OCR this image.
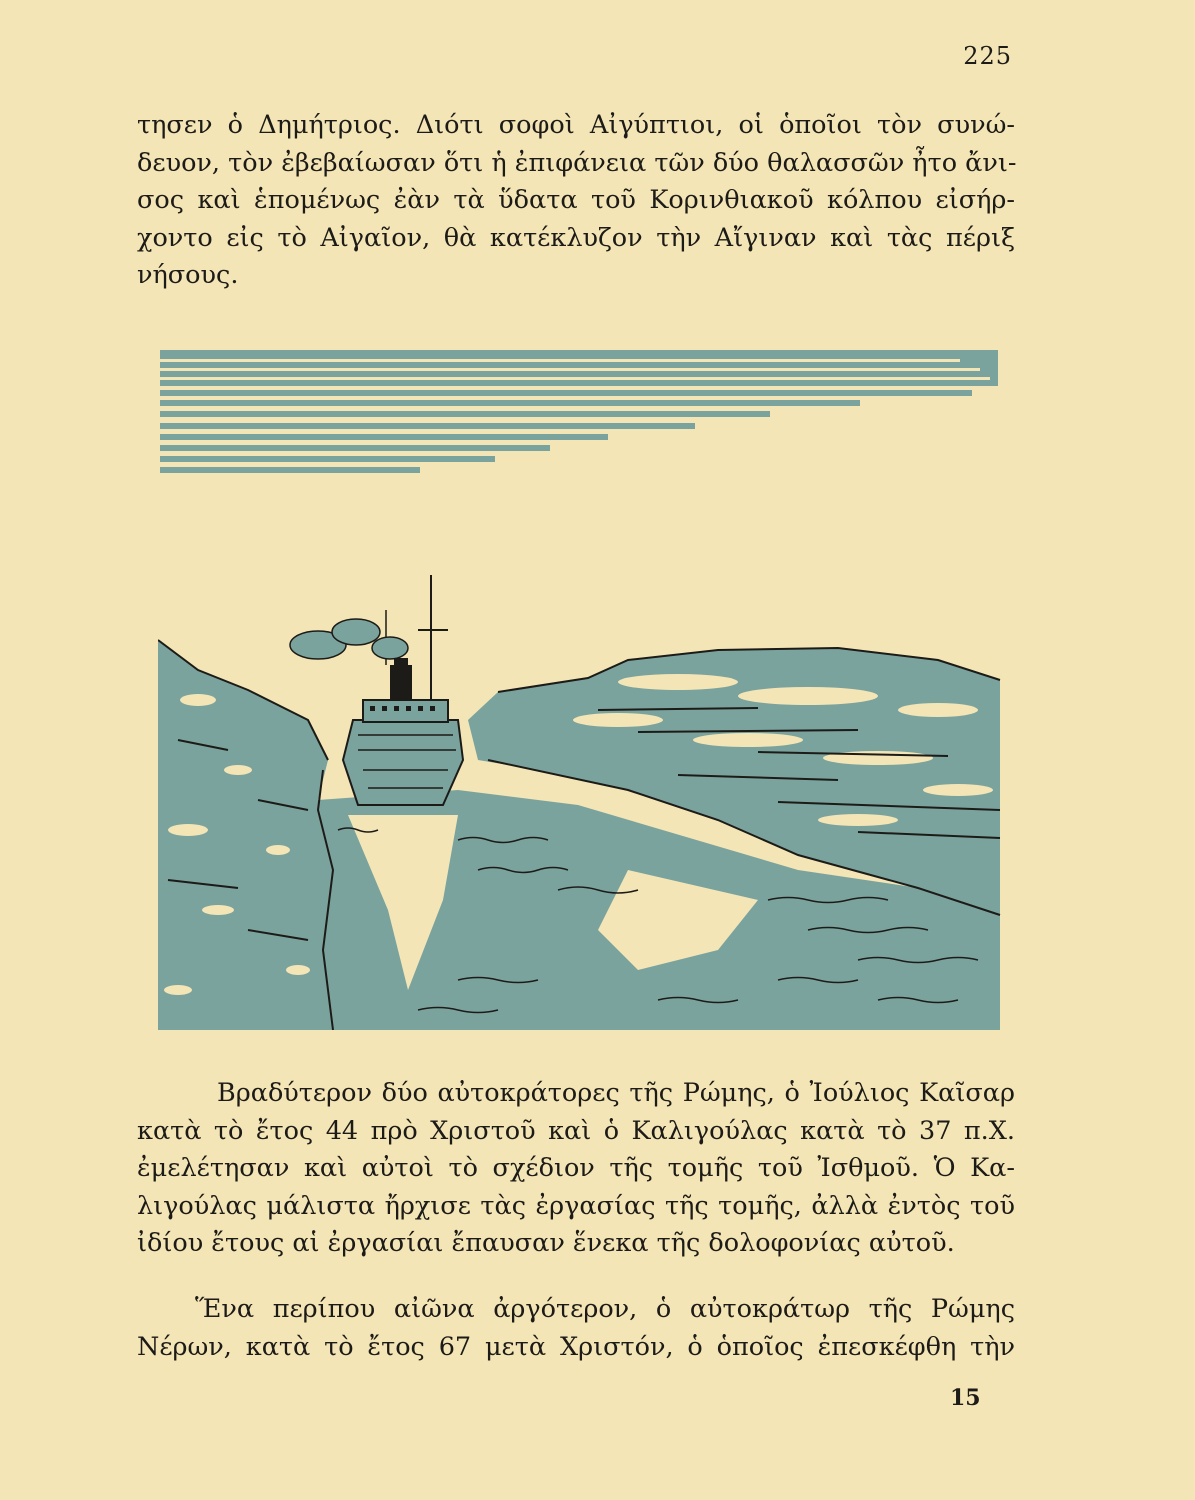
225
τησεν ὁ Δημήτριος. Διότι σοφοὶ Αἰγύπτιοι, οἱ ὁποῖοι τὸν συνώ-
δευον, τὸν ἐβεβαίωσαν ὅτι ἡ ἐπιφάνεια τῶν δύο θαλασσῶν ἦτο ἄνι-
σος καὶ ἑπομένως ἐὰν τὰ ὕδατα τοῦ Κορινθιακοῦ κόλπου εἰσήρ-
χοντο εἰς τὸ Αἰγαῖον, θὰ κατέκλυζον τὴν Αἴγιναν καὶ τὰς πέριξ
νήσους.
Βραδύτερον δύο αὐτοκράτορες τῆς Ρώμης, ὁ Ἰούλιος Καῖσαρ
κατὰ τὸ ἔτος 44 πρὸ Χριστοῦ καὶ ὁ Καλιγούλας κατὰ τὸ 37 π.Χ.
ἐμελέτησαν καὶ αὐτοὶ τὸ σχέδιον τῆς τομῆς τοῦ Ἰσθμοῦ. Ὁ Κα-
λιγούλας μάλιστα ἤρχισε τὰς ἐργασίας τῆς τομῆς, ἀλλὰ ἐντὸς τοῦ
ἰδίου ἔτους αἱ ἐργασίαι ἔπαυσαν ἕνεκα τῆς δολοφονίας αὐτοῦ.
Ἕνα περίπου αἰῶνα ἀργότερον, ὁ αὐτοκράτωρ τῆς Ρώμης
Νέρων, κατὰ τὸ ἔτος 67 μετὰ Χριστόν, ὁ ὁποῖος ἐπεσκέφθη τὴν
15
